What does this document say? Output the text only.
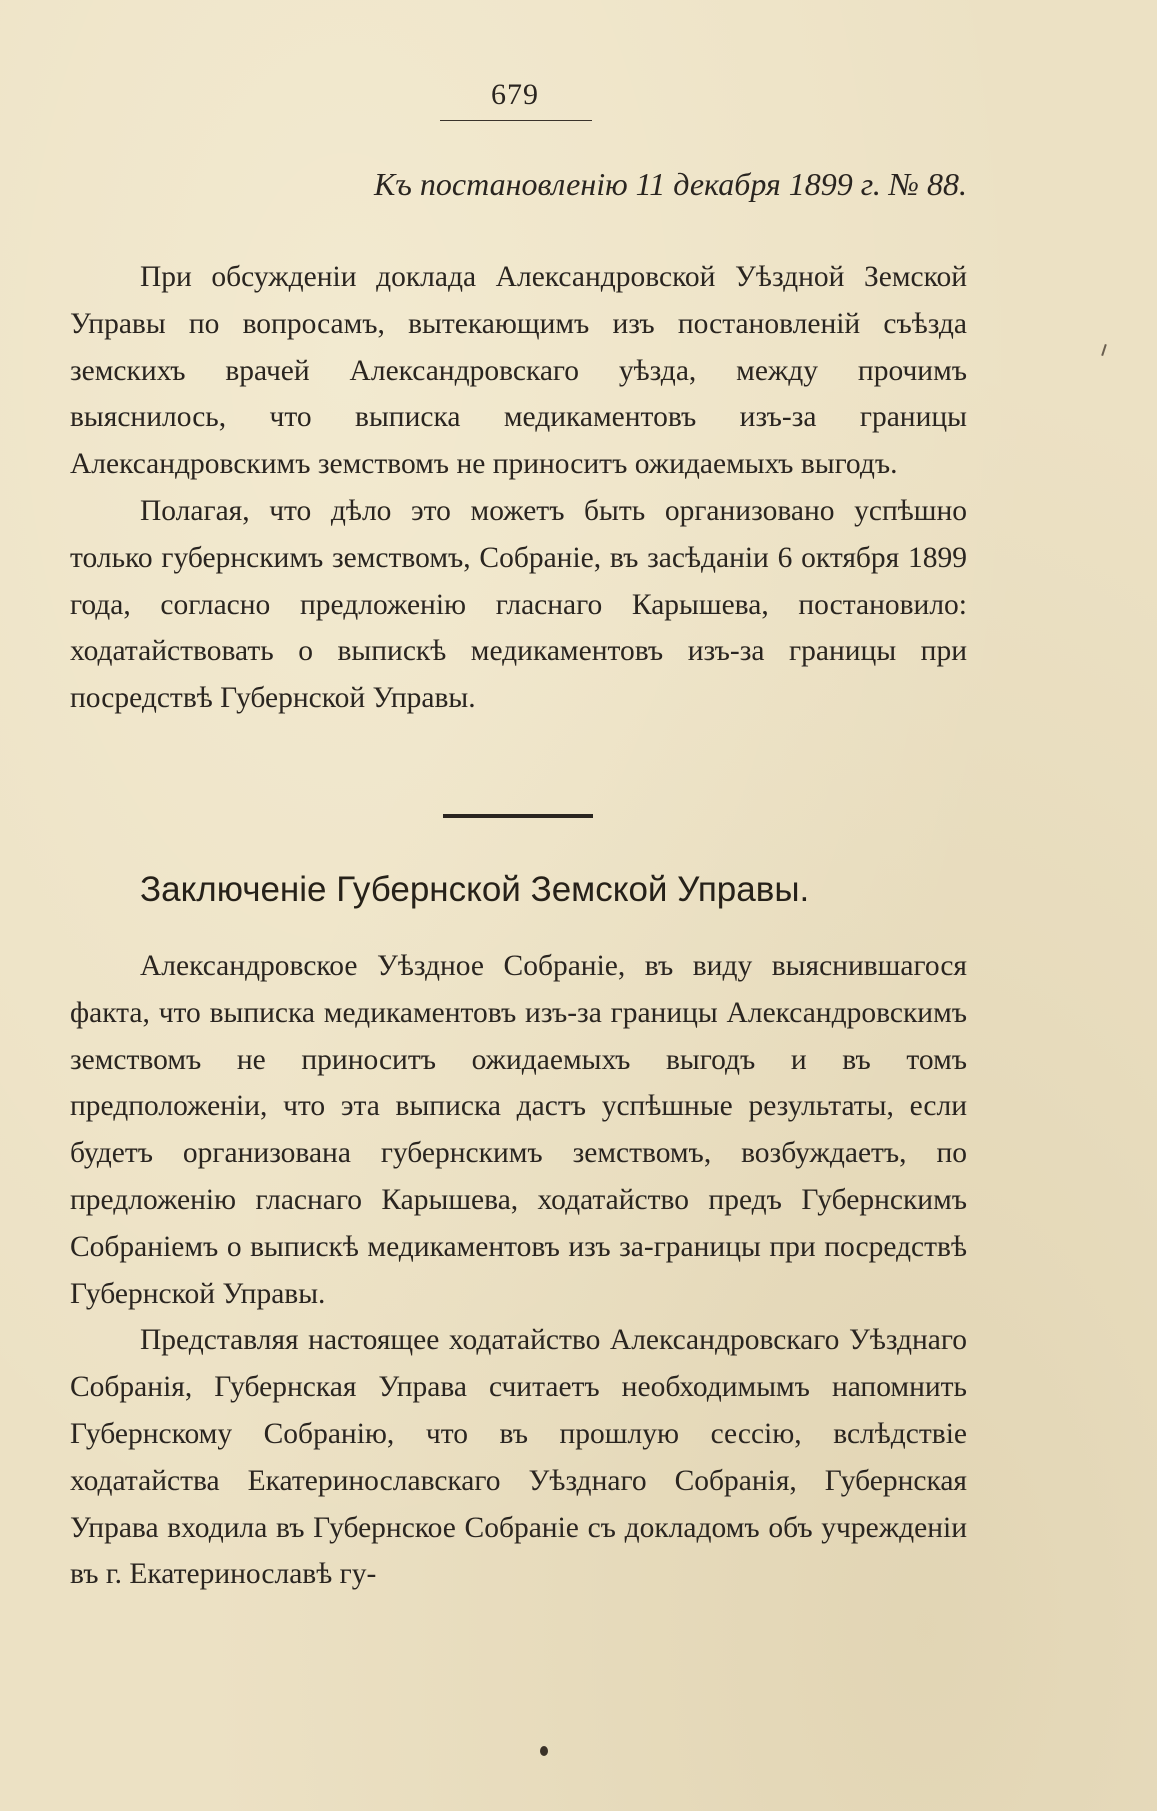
679
Къ постановленію 11 декабря 1899 г. № 88.

При обсужденіи доклада Александровской Уѣздной Земской Управы по вопросамъ, вытекающимъ изъ постановленій съѣзда земскихъ врачей Александровскаго уѣзда, между прочимъ выяснилось, что выписка медикаментовъ изъ-за границы Александровскимъ земствомъ не приноситъ ожидаемыхъ выгодъ.

Полагая, что дѣло это можетъ быть организовано успѣшно только губернскимъ земствомъ, Собраніе, въ засѣданіи 6 октября 1899 года, согласно предложенію гласнаго Карышева, постановило: ходатайствовать о выпискѣ медикаментовъ изъ-за границы при посредствѣ Губернской Управы.

Заключеніе Губернской Земской Управы.

Александровское Уѣздное Собраніе, въ виду выяснившагося факта, что выписка медикаментовъ изъ-за границы Александровскимъ земствомъ не приноситъ ожидаемыхъ выгодъ и въ томъ предположеніи, что эта выписка дастъ успѣшные результаты, если будетъ организована губернскимъ земствомъ, возбуждаетъ, по предложенію гласнаго Карышева, ходатайство предъ Губернскимъ Собраніемъ о выпискѣ медикаментовъ изъ за-границы при посредствѣ Губернской Управы.

Представляя настоящее ходатайство Александровскаго Уѣзднаго Собранія, Губернская Управа считаетъ необходимымъ напомнить Губернскому Собранію, что въ прошлую сессію, вслѣдствіе ходатайства Екатеринославскаго Уѣзднаго Собранія, Губернская Управа входила въ Губернское Собраніе съ докладомъ объ учрежденіи въ г. Екатеринославѣ гу-
